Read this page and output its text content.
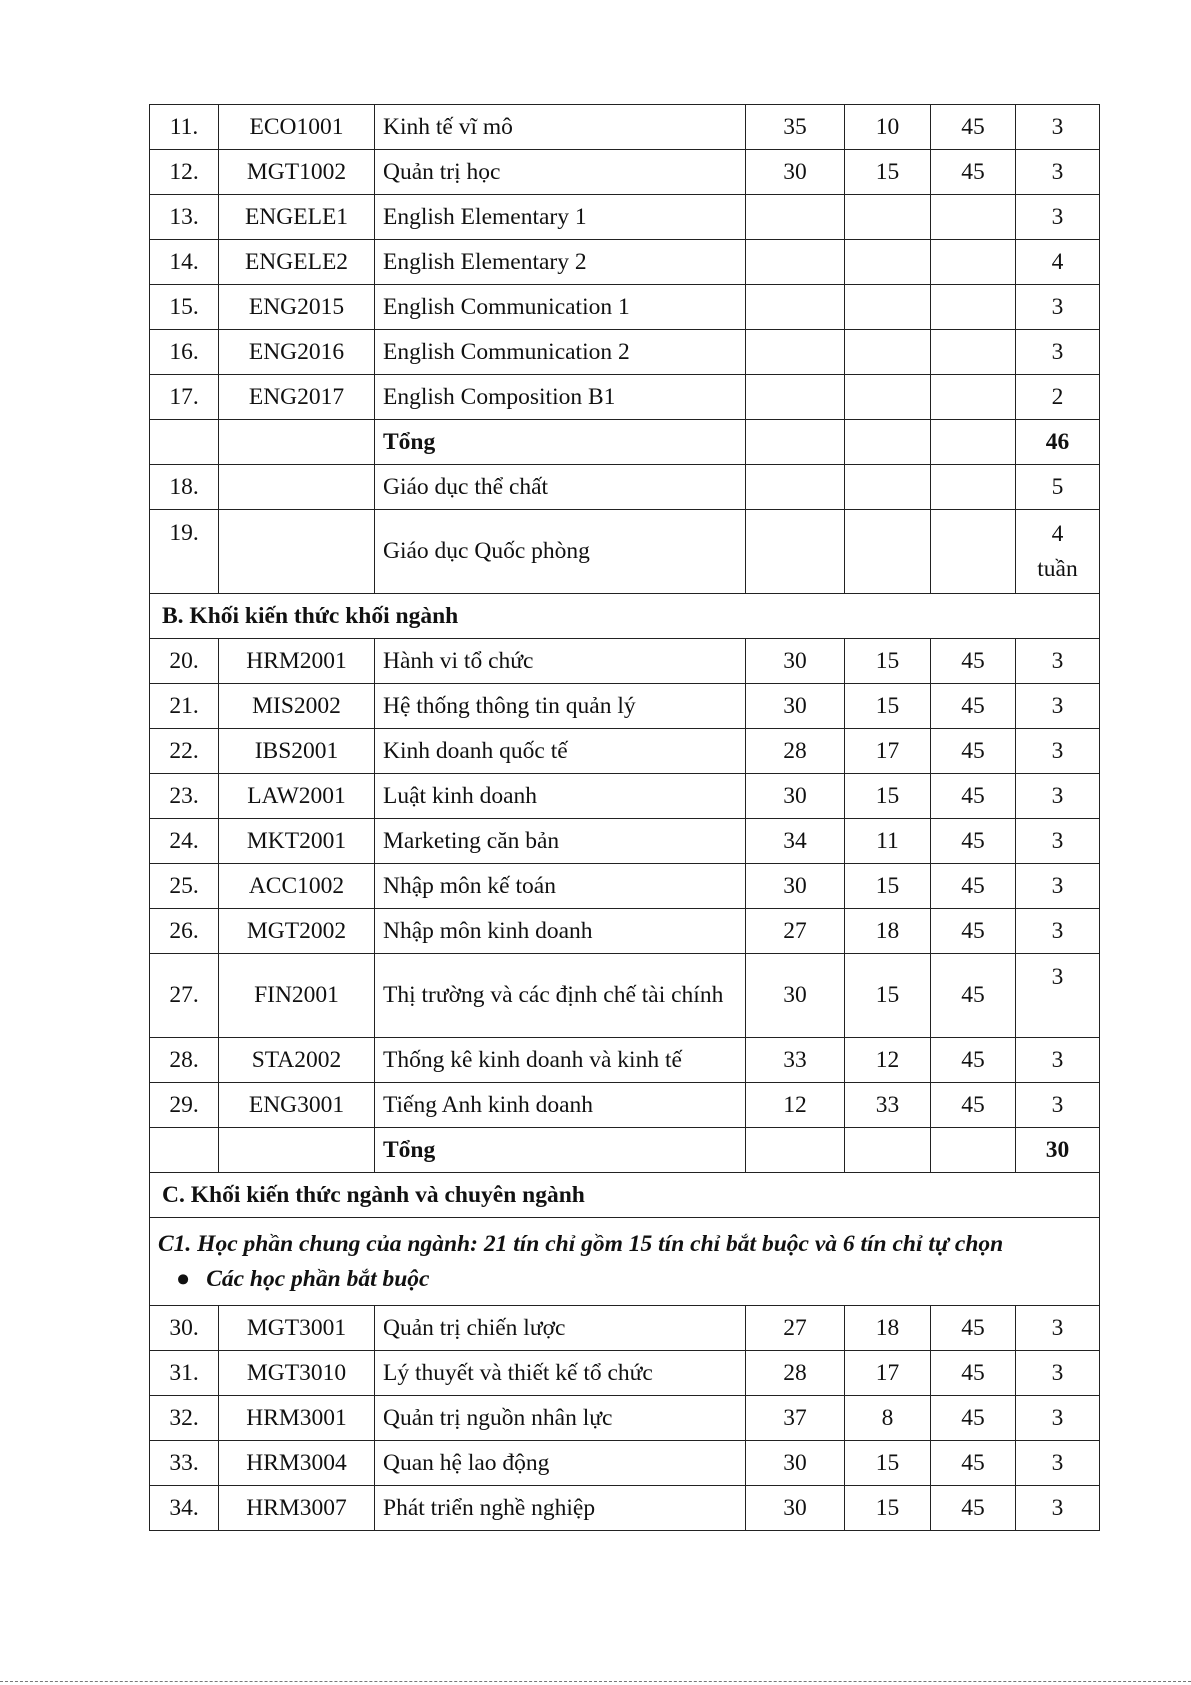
11.	ECO1001	Kinh tế vĩ mô	35	10	45	3
12.	MGT1002	Quản trị học	30	15	45	3
13.	ENGELE1	English Elementary 1				3
14.	ENGELE2	English Elementary 2				4
15.	ENG2015	English Communication 1				3
16.	ENG2016	English Communication 2				3
17.	ENG2017	English Composition B1				2
		Tổng				46
18.		Giáo dục thể chất				5
19.		Giáo dục Quốc phòng				4
tuần

B. Khối kiến thức khối ngành						
20.	HRM2001	Hành vi tổ chức	30	15	45	3
21.	MIS2002	Hệ thống thông tin quản lý	30	15	45	3
22.	IBS2001	Kinh doanh quốc tế	28	17	45	3
23.	LAW2001	Luật kinh doanh	30	15	45	3
24.	MKT2001	Marketing căn bản	34	11	45	3
25.	ACC1002	Nhập môn kế toán	30	15	45	3
26.	MGT2002	Nhập môn kinh doanh	27	18	45	3
27.	FIN2001	Thị trường và các định chế tài chính	30	15	45	3
28.	STA2002	Thống kê kinh doanh và kinh tế	33	12	45	3
29.	ENG3001	Tiếng Anh kinh doanh	12	33	45	3
		Tổng				30
C. Khối kiến thức ngành và chuyên ngành						

C1. Học phần chung của ngành: 21 tín chỉ gồm 15 tín chỉ bắt buộc và 6 tín chỉ tự chọn
● Các học phần bắt buộc						

30.	MGT3001	Quản trị chiến lược	27	18	45	3
31.	MGT3010	Lý thuyết và thiết kế tổ chức	28	17	45	3
32.	HRM3001	Quản trị nguồn nhân lực	37	8	45	3
33.	HRM3004	Quan hệ lao động	30	15	45	3
34.	HRM3007	Phát triển nghề nghiệp	30	15	45	3
